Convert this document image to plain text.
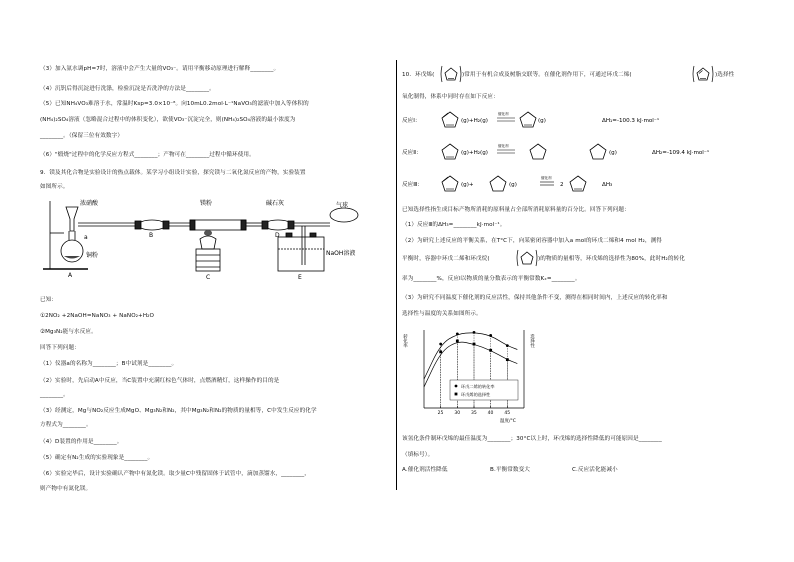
（3）加入氨水调pH=7时，溶液中会产生大量的VO₃⁻。请用平衡移动原理进行解释________。
（4）沉钒后得沉淀进行洗涤，检验沉淀是否洗净的方法是________。
（5）已知NH₄VO₃难溶于水，常温时Ksp=3.0×10⁻⁸。向10mL0.2mol·L⁻¹NaVO₃的滤液中加入等体积的
(NH₄)₂SO₄溶液（忽略混合过程中的体积变化），欲使VO₃⁻沉淀完全，则(NH₄)₂SO₄溶液的最小浓度为
________。（保留三位有效数字）
（6）"煅烧"过程中的化学反应方程式________；产物可在________过程中循环使用。
9．镁及其化合物是实验设计的热点载体。某学习小组设计实验，探究镁与二氧化氮反应的产物，实验装置
如图所示。
浓硝酸
a
铜粉
A
B
镁粉
C
碱石灰
D
气球
NaOH溶液
E
已知：
①2NO₂ +2NaOH=NaNO₃ + NaNO₂+H₂O
②Mg₃N₂能与水反应。
回答下列问题：
（1）仪器a的名称为________；B中试剂是________。
（2）实验时，先启动A中反应，当C装置中充满红棕色气体时，点燃酒精灯，这样操作的目的是
________。
（3）经测定，Mg与NO₂反应生成MgO、Mg₃N₂和N₂，其中Mg₃N₂和N₂的物质的量相等，C中发生反应的化学
方程式为________。
（4）D装置的作用是________。
（5）确定有N₂生成的实验现象是________。
（6）实验完毕后，设计实验确认产物中有氮化镁。取少量C中残留固体于试管中，滴加蒸馏水，________，
则产物中有氮化镁。
10．环戊烯(	)常用于有机合成及树脂交联等。在催化剂作用下，可通过环戊二烯(	)选择性
氧化制得，体系中同时存在如下反应：
反应Ⅰ：	(g)+H₂(g)
催化剂
(g)	ΔH₁=-100.3 kJ·mol⁻¹
反应Ⅱ：	(g)+H₂(g)
催化剂
(g)	ΔH₂=-109.4 kJ·mol⁻¹
反应Ⅲ：	(g)+	(g)
催化剂
2	ΔH₃
已知选择性指生成目标产物所消耗的原料量占全部所消耗原料量的百分比。回答下列问题：
（1）反应Ⅲ的ΔH₃=________kJ·mol⁻¹。
（2）为研究上述反应的平衡关系，在T°C下，向某密闭容器中加入a mol的环戊二烯和4 mol H₂，测得
平衡时，容器中环戊二烯和环戊烷(	)的物质的量相等，环戊烯的选择性为80%，此时H₂的转化
率为________%，反应Ⅰ以物质的量分数表示的平衡常数Kₓ=________。
（3）为研究不同温度下催化剂的反应活性，保持其他条件不变，测得在相同时间内，上述反应的转化率和
选择性与温度的关系如图所示。
转化率	选择性
温度/°C
25 30 35 40 45
环戊二烯的转化率
环戊烯的选择性
该氢化条件制环戊烯的最佳温度为________；30°C以上时，环戊烯的选择性降低的可能原因是________
（填标号）。
A.催化剂活性降低	B.平衡常数变大	C.反应活化能减小
